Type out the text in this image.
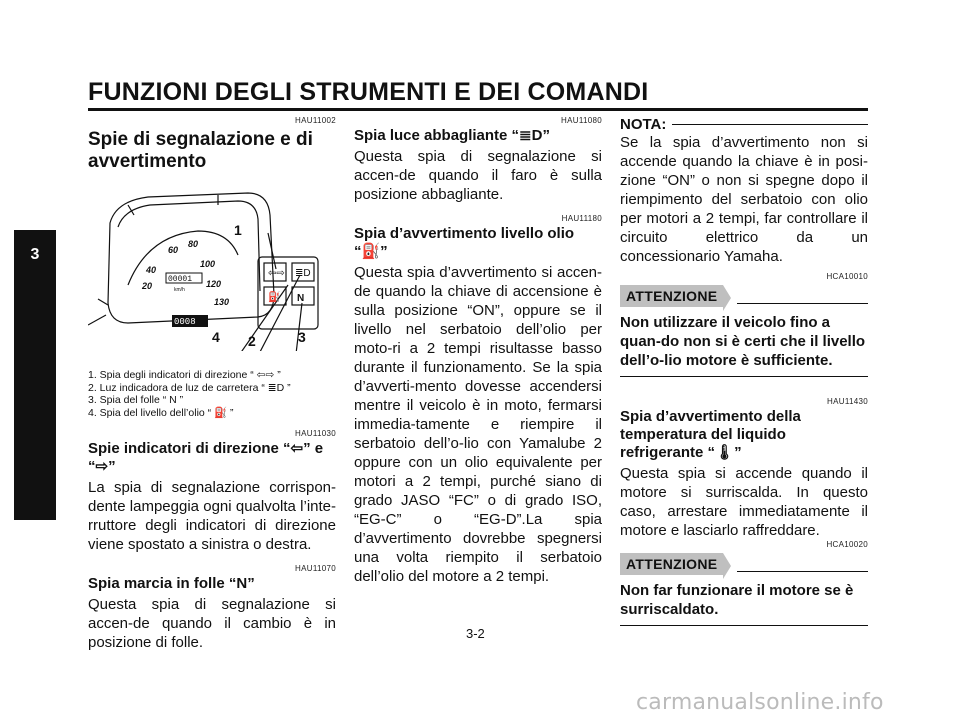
FUNZIONI DEGLI STRUMENTI E DEI COMANDI
3

HAU11002

Spie di segnalazione e di avvertimento
20
40
60
80
100
120
130
00001
km/h
0008
⇦⇨ ≣D
⛽ N
1
4 2	3

1. Spia degli indicatori di direzione “ ⇦⇨ ”

2. Luz indicadora de luz de carretera “ ≣D ”

3. Spia del folle “ N ”

4. Spia del livello dell’olio “ ⛽ ”

HAU11030

Spie indicatori di direzione “⇦” e “⇨”

La spia di segnalazione corrispon-dente lampeggia ogni qualvolta l’inte-rruttore degli indicatori di direzione viene spostato a sinistra o destra.

HAU11070

Spia marcia in folle “N”

Questa spia di segnalazione si accen-de quando il cambio è in posizione di folle.

HAU11080

Spia luce abbagliante “≣D”

Questa spia di segnalazione si accen-de quando il faro è sulla posizione abbagliante.

HAU11180

Spia d’avvertimento livello olio “⛽”

Questa spia d’avvertimento si accen-de quando la chiave di accensione è sulla posizione “ON”, oppure se il livello nel serbatoio dell’olio per moto-ri a 2 tempi risultasse basso durante il funzionamento. Se la spia d’avverti-mento dovesse accendersi mentre il veicolo è in moto, fermarsi immedia-tamente e riempire il serbatoio dell’o-lio con Yamalube 2 oppure con un olio equivalente per motori a 2 tempi, purché siano di grado JASO “FC” o di grado ISO, “EG-C” o “EG-D”.La spia d’avvertimento dovrebbe spegnersi una volta riempito il serbatoio dell’olio del motore a 2 tempi.

NOTA:

Se la spia d’avvertimento non si accende quando la chiave è in posi-zione “ON” o non si spegne dopo il riempimento del serbatoio con olio per motori a 2 tempi, far controllare il circuito elettrico da un concessionario Yamaha.

HCA10010

ATTENZIONE

Non utilizzare il veicolo fino a quan-do non si è certi che il livello dell’o-lio motore è sufficiente.

HAU11430

Spia d’avvertimento della temperatura del liquido refrigerante “🌡”

Questa spia si accende quando il motore si surriscalda. In questo caso, arrestare immediatamente il motore e lasciarlo raffreddare.

HCA10020

ATTENZIONE

Non far funzionare il motore se è surriscaldato.

3-2
carmanualsonline.info
